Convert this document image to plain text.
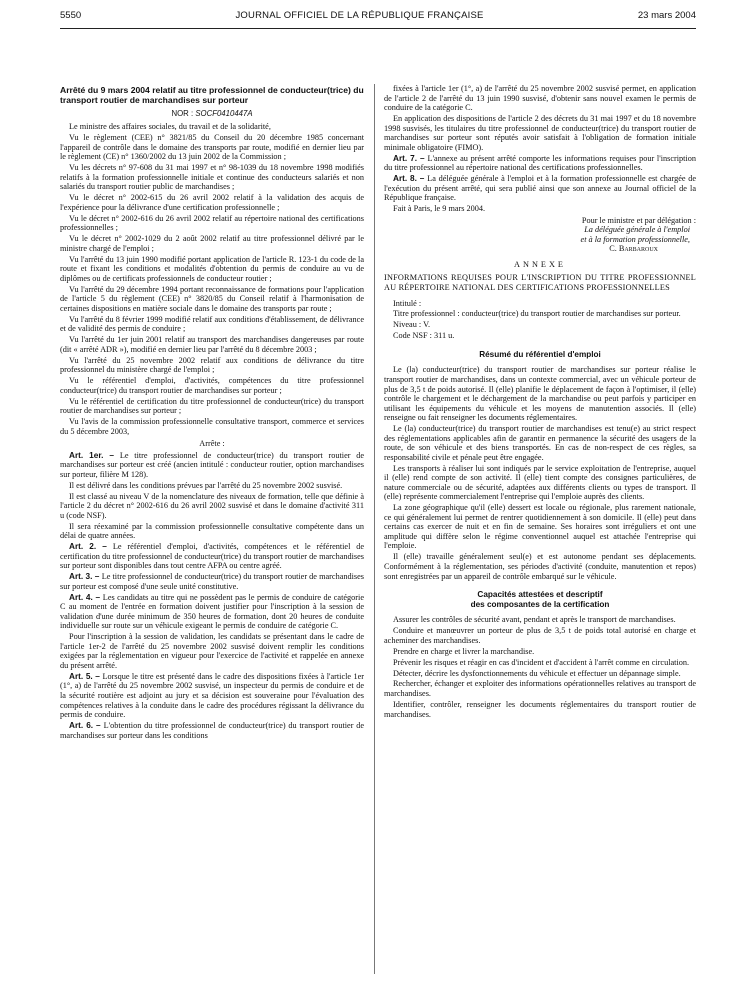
5550	JOURNAL OFFICIEL DE LA RÉPUBLIQUE FRANÇAISE	23 mars 2004

Arrêté du 9 mars 2004 relatif au titre professionnel de conducteur(trice) du transport routier de marchandises sur porteur

NOR : SOCF0410447A

Le ministre des affaires sociales, du travail et de la solidarité,

Vu le règlement (CEE) n° 3821/85 du Conseil du 20 décembre 1985 concernant l'appareil de contrôle dans le domaine des transports par route, modifié en dernier lieu par le règlement (CE) n° 1360/2002 du 13 juin 2002 de la Commission ;

Vu les décrets n° 97-608 du 31 mai 1997 et n° 98-1039 du 18 novembre 1998 modifiés relatifs à la formation professionnelle initiale et continue des conducteurs salariés et non salariés du transport routier public de marchandises ;

Vu le décret n° 2002-615 du 26 avril 2002 relatif à la validation des acquis de l'expérience pour la délivrance d'une certification professionnelle ;

Vu le décret n° 2002-616 du 26 avril 2002 relatif au répertoire national des certifications professionnelles ;

Vu le décret n° 2002-1029 du 2 août 2002 relatif au titre professionnel délivré par le ministre chargé de l'emploi ;

Vu l'arrêté du 13 juin 1990 modifié portant application de l'article R. 123-1 du code de la route et fixant les conditions et modalités d'obtention du permis de conduire au vu de diplômes ou de certificats professionnels de conducteur routier ;

Vu l'arrêté du 29 décembre 1994 portant reconnaissance de formations pour l'application de l'article 5 du règlement (CEE) n° 3820/85 du Conseil relatif à l'harmonisation de certaines dispositions en matière sociale dans le domaine des transports par route ;

Vu l'arrêté du 8 février 1999 modifié relatif aux conditions d'établissement, de délivrance et de validité des permis de conduire ;

Vu l'arrêté du 1er juin 2001 relatif au transport des marchandises dangereuses par route (dit « arrêté ADR »), modifié en dernier lieu par l'arrêté du 8 décembre 2003 ;

Vu l'arrêté du 25 novembre 2002 relatif aux conditions de délivrance du titre professionnel du ministère chargé de l'emploi ;

Vu le référentiel d'emploi, d'activités, compétences du titre professionnel conducteur(trice) du transport routier de marchandises sur porteur ;

Vu le référentiel de certification du titre professionnel de conducteur(trice) du transport routier de marchandises sur porteur ;

Vu l'avis de la commission professionnelle consultative transport, commerce et services du 5 décembre 2003,

Arrête :

Art. 1er. – Le titre professionnel de conducteur(trice) du transport routier de marchandises sur porteur est créé (ancien intitulé : conducteur routier, option marchandises sur porteur, filière M 128).

Il est délivré dans les conditions prévues par l'arrêté du 25 novembre 2002 susvisé.

Il est classé au niveau V de la nomenclature des niveaux de formation, telle que définie à l'article 2 du décret n° 2002-616 du 26 avril 2002 susvisé et dans le domaine d'activité 311 u (code NSF).

Il sera réexaminé par la commission professionnelle consultative compétente dans un délai de quatre années.

Art. 2. – Le référentiel d'emploi, d'activités, compétences et le référentiel de certification du titre professionnel de conducteur(trice) du transport routier de marchandises sur porteur sont disponibles dans tout centre AFPA ou centre agréé.

Art. 3. – Le titre professionnel de conducteur(trice) du transport routier de marchandises sur porteur est composé d'une seule unité constitutive.

Art. 4. – Les candidats au titre qui ne possèdent pas le permis de conduire de catégorie C au moment de l'entrée en formation doivent justifier pour l'inscription à la session de validation d'une durée minimum de 350 heures de formation, dont 20 heures de conduite individuelle sur route sur un véhicule exigeant le permis de conduire de catégorie C.

Pour l'inscription à la session de validation, les candidats se présentant dans le cadre de l'article 1er-2 de l'arrêté du 25 novembre 2002 susvisé doivent remplir les conditions exigées par la réglementation en vigueur pour l'exercice de l'activité et rappelée en annexe du présent arrêté.

Art. 5. – Lorsque le titre est présenté dans le cadre des dispositions fixées à l'article 1er (1°, a) de l'arrêté du 25 novembre 2002 susvisé, un inspecteur du permis de conduire et de la sécurité routière est adjoint au jury et sa décision est souveraine pour l'évaluation des compétences relatives à la conduite dans le cadre des procédures régissant la délivrance du permis de conduire.

Art. 6. – L'obtention du titre professionnel de conducteur(trice) du transport routier de marchandises sur porteur dans les conditions

fixées à l'article 1er (1°, a) de l'arrêté du 25 novembre 2002 susvisé permet, en application de l'article 2 de l'arrêté du 13 juin 1990 susvisé, d'obtenir sans nouvel examen le permis de conduire de la catégorie C.

En application des dispositions de l'article 2 des décrets du 31 mai 1997 et du 18 novembre 1998 susvisés, les titulaires du titre professionnel de conducteur(trice) du transport routier de marchandises sur porteur sont réputés avoir satisfait à l'obligation de formation initiale minimale obligatoire (FIMO).

Art. 7. – L'annexe au présent arrêté comporte les informations requises pour l'inscription du titre professionnel au répertoire national des certifications professionnelles.

Art. 8. – La déléguée générale à l'emploi et à la formation professionnelle est chargée de l'exécution du présent arrêté, qui sera publié ainsi que son annexe au Journal officiel de la République française.

Fait à Paris, le 9 mars 2004.

Pour le ministre et par délégation :
La déléguée générale à l'emploi
et à la formation professionnelle,
C. Barbaroux
ANNEXE

INFORMATIONS REQUISES POUR L'INSCRIPTION DU TITRE PROFESSIONNEL AU RÉPERTOIRE NATIONAL DES CERTIFICATIONS PROFESSIONNELLES

Intitulé :

Titre professionnel : conducteur(trice) du transport routier de marchandises sur porteur.

Niveau : V.

Code NSF : 311 u.

Résumé du référentiel d'emploi

Le (la) conducteur(trice) du transport routier de marchandises sur porteur réalise le transport routier de marchandises, dans un contexte commercial, avec un véhicule porteur de plus de 3,5 t de poids autorisé. Il (elle) planifie le déplacement de façon à l'optimiser, il (elle) contrôle le chargement et le déchargement de la marchandise ou peut parfois y participer en utilisant les équipements du véhicule et les moyens de manutention associés. Il (elle) renseigne ou fait renseigner les documents réglementaires.

Le (la) conducteur(trice) du transport routier de marchandises est tenu(e) au strict respect des réglementations applicables afin de garantir en permanence la sécurité des usagers de la route, de son véhicule et des biens transportés. En cas de non-respect de ces règles, sa responsabilité civile et pénale peut être engagée.

Les transports à réaliser lui sont indiqués par le service exploitation de l'entreprise, auquel il (elle) rend compte de son activité. Il (elle) tient compte des consignes particulières, de nature commerciale ou de sécurité, adaptées aux différents clients ou types de transport. Il (elle) représente commercialement l'entreprise qui l'emploie auprès des clients.

La zone géographique qu'il (elle) dessert est locale ou régionale, plus rarement nationale, ce qui généralement lui permet de rentrer quotidiennement à son domicile. Il (elle) peut dans certains cas exercer de nuit et en fin de semaine. Ses horaires sont irréguliers et ont une amplitude qui diffère selon le régime conventionnel auquel est attachée l'entreprise qui l'emploie.

Il (elle) travaille généralement seul(e) et est autonome pendant ses déplacements. Conformément à la réglementation, ses périodes d'activité (conduite, manutention et repos) sont enregistrées par un appareil de contrôle embarqué sur le véhicule.

Capacités attestées et descriptif
des composantes de la certification

Assurer les contrôles de sécurité avant, pendant et après le transport de marchandises.

Conduire et manœuvrer un porteur de plus de 3,5 t de poids total autorisé en charge et acheminer des marchandises.

Prendre en charge et livrer la marchandise.

Prévenir les risques et réagir en cas d'incident et d'accident à l'arrêt comme en circulation.

Détecter, décrire les dysfonctionnements du véhicule et effectuer un dépannage simple.

Rechercher, échanger et exploiter des informations opérationnelles relatives au transport de marchandises.

Identifier, contrôler, renseigner les documents réglementaires du transport routier de marchandises.
